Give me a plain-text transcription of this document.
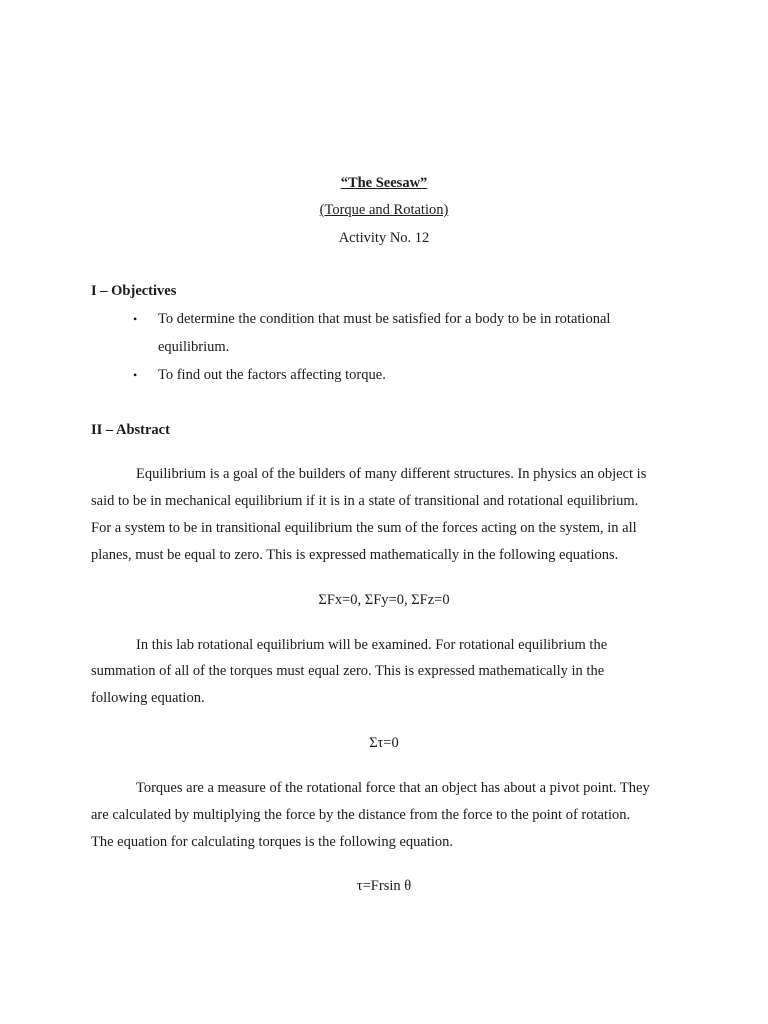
“The Seesaw”
(Torque and Rotation)
Activity No. 12
I – Objectives
• To determine the condition that must be satisfied for a body to be in rotational
equilibrium.
• To find out the factors affecting torque.
II – Abstract
Equilibrium is a goal of the builders of many different structures. In physics an object is
said to be in mechanical equilibrium if it is in a state of transitional and rotational equilibrium.
For a system to be in transitional equilibrium the sum of the forces acting on the system, in all
planes, must be equal to zero. This is expressed mathematically in the following equations.
ΣFx=0, ΣFy=0, ΣFz=0
In this lab rotational equilibrium will be examined. For rotational equilibrium the
summation of all of the torques must equal zero. This is expressed mathematically in the
following equation.
Στ=0
Torques are a measure of the rotational force that an object has about a pivot point. They
are calculated by multiplying the force by the distance from the force to the point of rotation.
The equation for calculating torques is the following equation.
τ=Frsin θ
